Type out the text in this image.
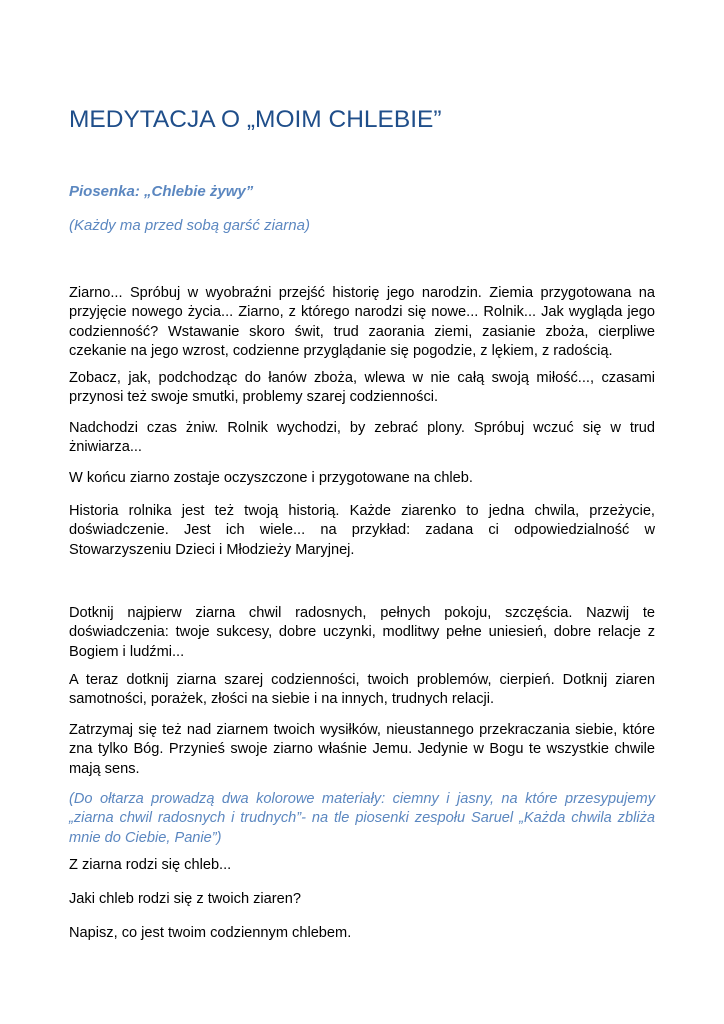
MEDYTACJA O „MOIM CHLEBIE”

Piosenka: „Chlebie żywy”

(Każdy ma przed sobą garść ziarna)

Ziarno... Spróbuj w wyobraźni przejść historię jego narodzin. Ziemia przygotowana na przyjęcie nowego życia... Ziarno, z którego narodzi się nowe... Rolnik... Jak wygląda jego codzienność? Wstawanie skoro świt, trud zaorania ziemi, zasianie zboża, cierpliwe czekanie na jego wzrost, codzienne przyglądanie się pogodzie, z lękiem, z radością.

Zobacz, jak, podchodząc do łanów zboża, wlewa w nie całą swoją miłość..., czasami przynosi też swoje smutki, problemy szarej codzienności.

Nadchodzi czas żniw. Rolnik wychodzi, by zebrać plony. Spróbuj wczuć się w trud żniwiarza...

W końcu ziarno zostaje oczyszczone i przygotowane na chleb.

Historia rolnika jest też twoją historią. Każde ziarenko to jedna chwila, przeżycie, doświadczenie. Jest ich wiele... na przykład: zadana ci odpowiedzialność w Stowarzyszeniu Dzieci i Młodzieży Maryjnej.

Dotknij najpierw ziarna chwil radosnych, pełnych pokoju, szczęścia. Nazwij te doświadczenia: twoje sukcesy, dobre uczynki, modlitwy pełne uniesień, dobre relacje z Bogiem i ludźmi...

A teraz dotknij ziarna szarej codzienności, twoich problemów, cierpień. Dotknij ziaren samotności, porażek, złości na siebie i na innych, trudnych relacji.

Zatrzymaj się też nad ziarnem twoich wysiłków, nieustannego przekraczania siebie, które zna tylko Bóg. Przynieś swoje ziarno właśnie Jemu. Jedynie w Bogu te wszystkie chwile mają sens.

(Do ołtarza prowadzą dwa kolorowe materiały: ciemny i jasny, na które przesypujemy „ziarna chwil radosnych i trudnych”- na tle piosenki zespołu Saruel „Każda chwila zbliża mnie do Ciebie, Panie”)

Z ziarna rodzi się chleb...

Jaki chleb rodzi się z twoich ziaren?

Napisz, co jest twoim codziennym chlebem.
